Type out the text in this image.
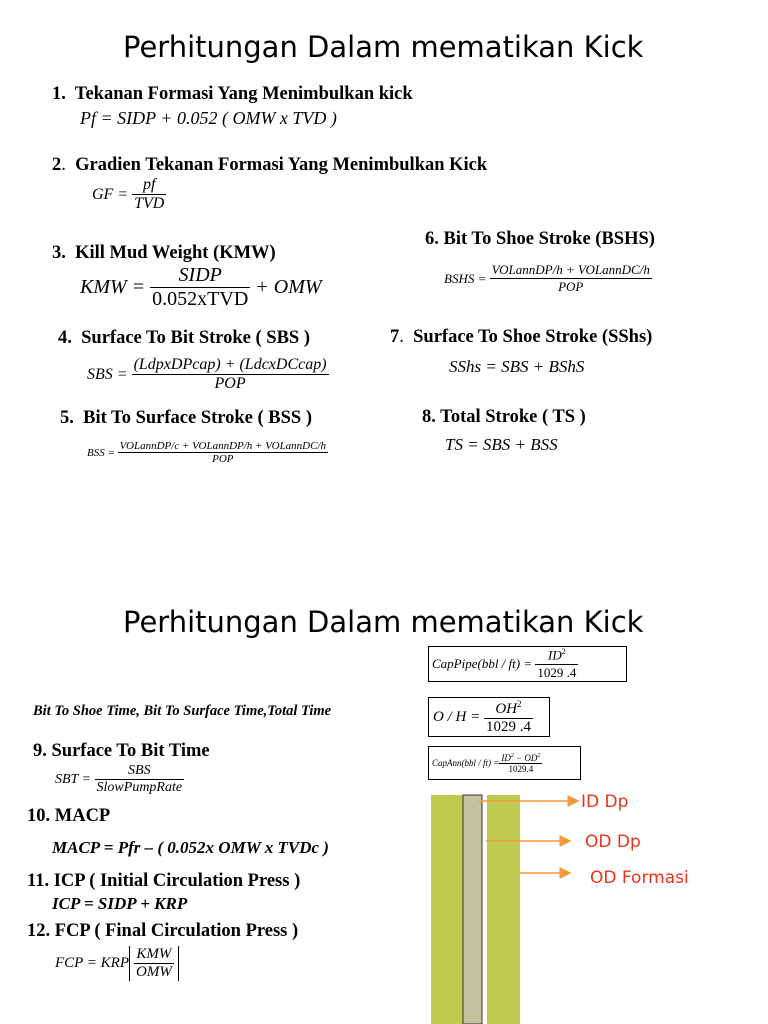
Perhitungan Dalam mematikan Kick
1. Tekanan Formasi Yang Menimbulkan kick
Pf = SIDP + 0.052 ( OMW x TVD )
2. Gradien Tekanan Formasi Yang Menimbulkan Kick
GF =

pf
TVD
3. Kill Mud Weight (KMW)
KMW =

SIDP
0.052xTVD

+ OMW
4. Surface To Bit Stroke ( SBS )
SBS =

(LdpxDPcap) + (LdcxDCcap)
POP
5. Bit To Surface Stroke ( BSS )
BSS =

VOLannDP/c + VOLannDP/h + VOLannDC/h
POP
6. Bit To Shoe Stroke (BSHS)
BSHS =

VOLannDP/h + VOLannDC/h
POP
7. Surface To Shoe Stroke (SShs)
SShs = SBS + BShS
8. Total Stroke ( TS )
TS = SBS + BSS
Perhitungan Dalam mematikan Kick
Bit To Shoe Time, Bit To Surface Time,Total Time
9. Surface To Bit Time
SBT =

SBS
SlowPumpRate
10. MACP
MACP = Pfr – ( 0.052x OMW x TVDc )
11. ICP ( Initial Circulation Press )
ICP = SIDP + KRP
12. FCP ( Final Circulation Press )
FCP = KRP
KMW
OMW
CapPipe(bbl / ft) =
$\frac{ID^2}{1029 .4}$
O / H =
$\frac{OH^2}{1029 .4}$
CapAnn(bbl / $ft) = \frac{ID^2 - OD^2}{1029.4}$
ID Dp
OD Dp
OD Formasi
